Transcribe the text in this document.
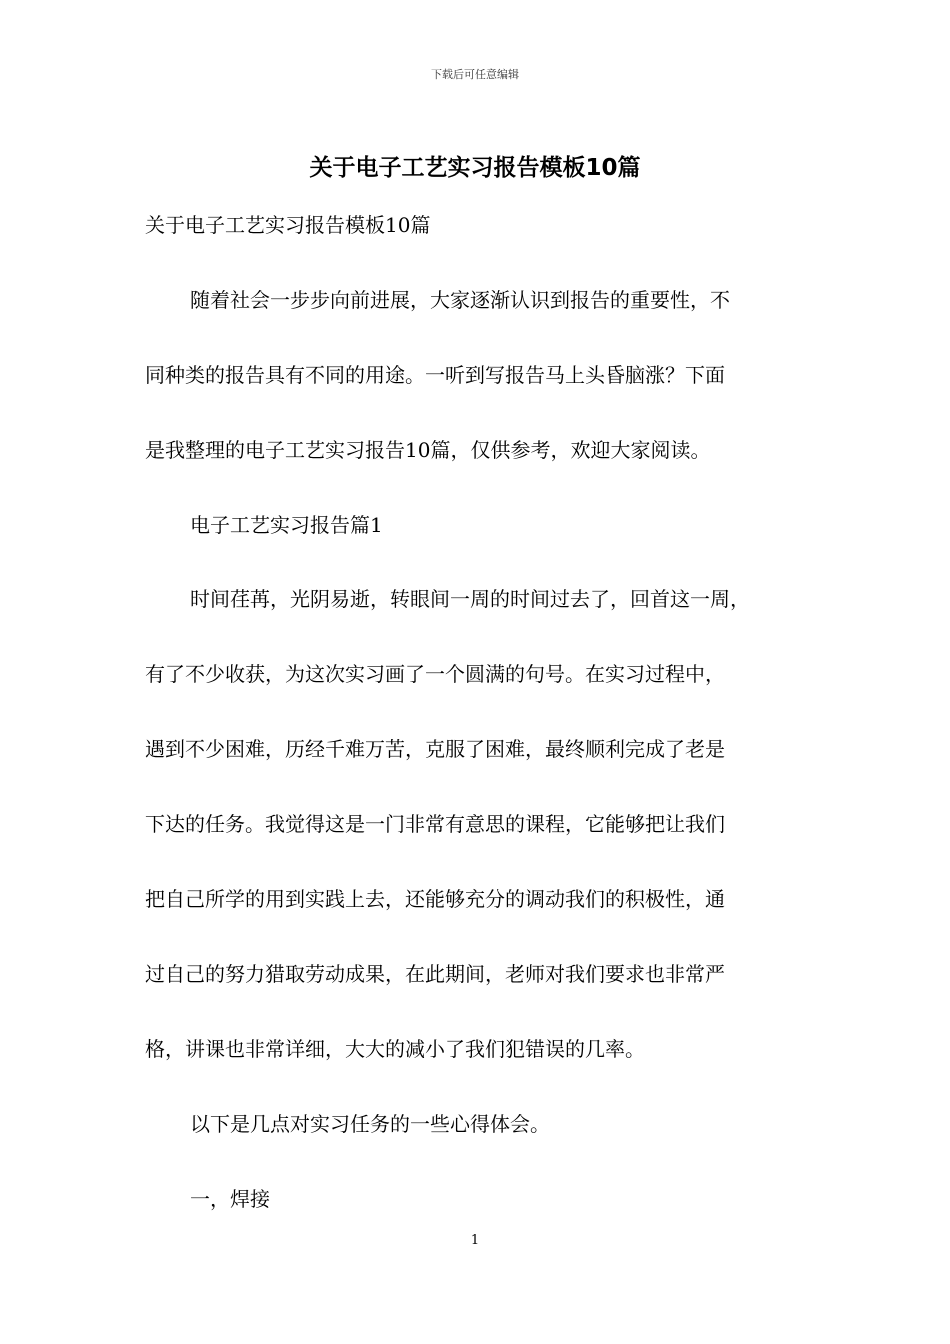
下载后可任意编辑
关于电子工艺实习报告模板10篇
关于电子工艺实习报告模板10篇
随着社会一步步向前进展，大家逐渐认识到报告的重要性，不
同种类的报告具有不同的用途。一听到写报告马上头昏脑涨？下面
是我整理的电子工艺实习报告10篇，仅供参考，欢迎大家阅读。
电子工艺实习报告篇1
时间荏苒，光阴易逝，转眼间一周的时间过去了，回首这一周，
有了不少收获，为这次实习画了一个圆满的句号。在实习过程中，
遇到不少困难，历经千难万苦，克服了困难，最终顺利完成了老是
下达的任务。我觉得这是一门非常有意思的课程，它能够把让我们
把自己所学的用到实践上去，还能够充分的调动我们的积极性，通
过自己的努力猎取劳动成果，在此期间，老师对我们要求也非常严
格，讲课也非常详细，大大的减小了我们犯错误的几率。
以下是几点对实习任务的一些心得体会。
一，焊接
1
